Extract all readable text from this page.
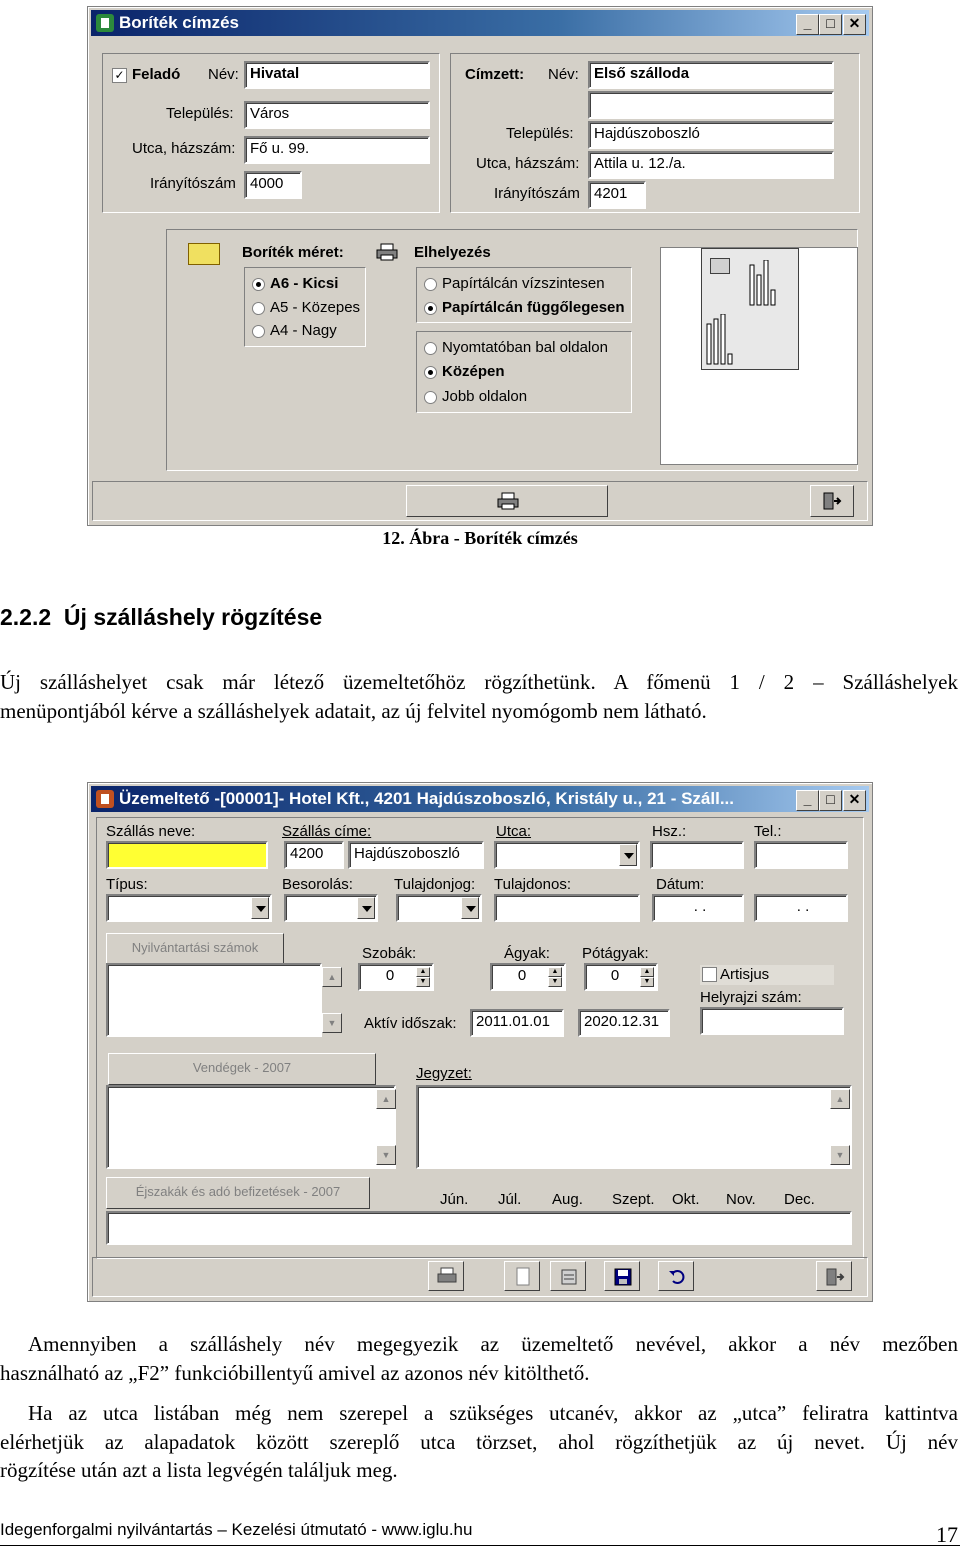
Boríték címzés	_	□ ✕
✓ Feladó Név: Hivatal
Település:	Város
Utca, házszám: Fő u. 99.
Irányítószám 4000
Címzett: Név:	Első szálloda
Település:	Hajdúszoboszló
Utca, házszám: Attila u. 12./a.
Irányítószám 4201
Boríték méret:
A6 - Kicsi
A5 - Közepes
A4 - Nagy
Elhelyezés
Papírtálcán vízszintesen
Papírtálcán függőlegesen
Nyomtatóban bal oldalon
Középen
Jobb oldalon
12. Ábra - Boríték címzés
2.2.2  Új szálláshely rögzítése
Új szálláshelyet csak már létező üzemeltetőhöz rögzíthetünk. A főmenü 1 / 2 – Szálláshelyek
menüpontjából kérve a szálláshelyek adatait, az új felvitel nyomógomb nem látható.
Üzemeltető -[00001]- Hotel Kft., 4201 Hajdúszoboszló, Kristály u., 21 - Száll...	_	□ ✕
Szállás neve:	Szállás címe:
4200	Hajdúszoboszló
Utca:	Hsz.:	Tel.:
Típus:	Besorolás:	Tulajdonjog: Tulajdonos:	Dátum:
. .	. .
Nyilvántartási számok
▲
▼
Szobák:
0	▲
▼
Ágyak:
0	▲
▼
Pótágyak:
0	▲
▼
Aktív időszak:	2011.01.01	2020.12.31
Artisjus
Helyrajzi szám:
Vendégek - 2007
▲
▼
Jegyzet:
▲
▼
Éjszakák és adó befizetések - 2007	Jún. Júl. Aug. Szept. Okt. Nov. Dec.
Amennyiben a szálláshely név megegyezik az üzemeltető nevével, akkor a név mezőben
használható az „F2” funkcióbillentyű amivel az azonos név kitölthető.
Ha az utca listában még nem szerepel a szükséges utcanév, akkor az „utca” feliratra kattintva
elérhetjük az alapadatok között szereplő utca törzset, ahol rögzíthetjük az új nevet. Új név
rögzítése után azt a lista legvégén találjuk meg.
Idegenforgalmi nyilvántartás – Kezelési útmutató - www.iglu.hu	17
